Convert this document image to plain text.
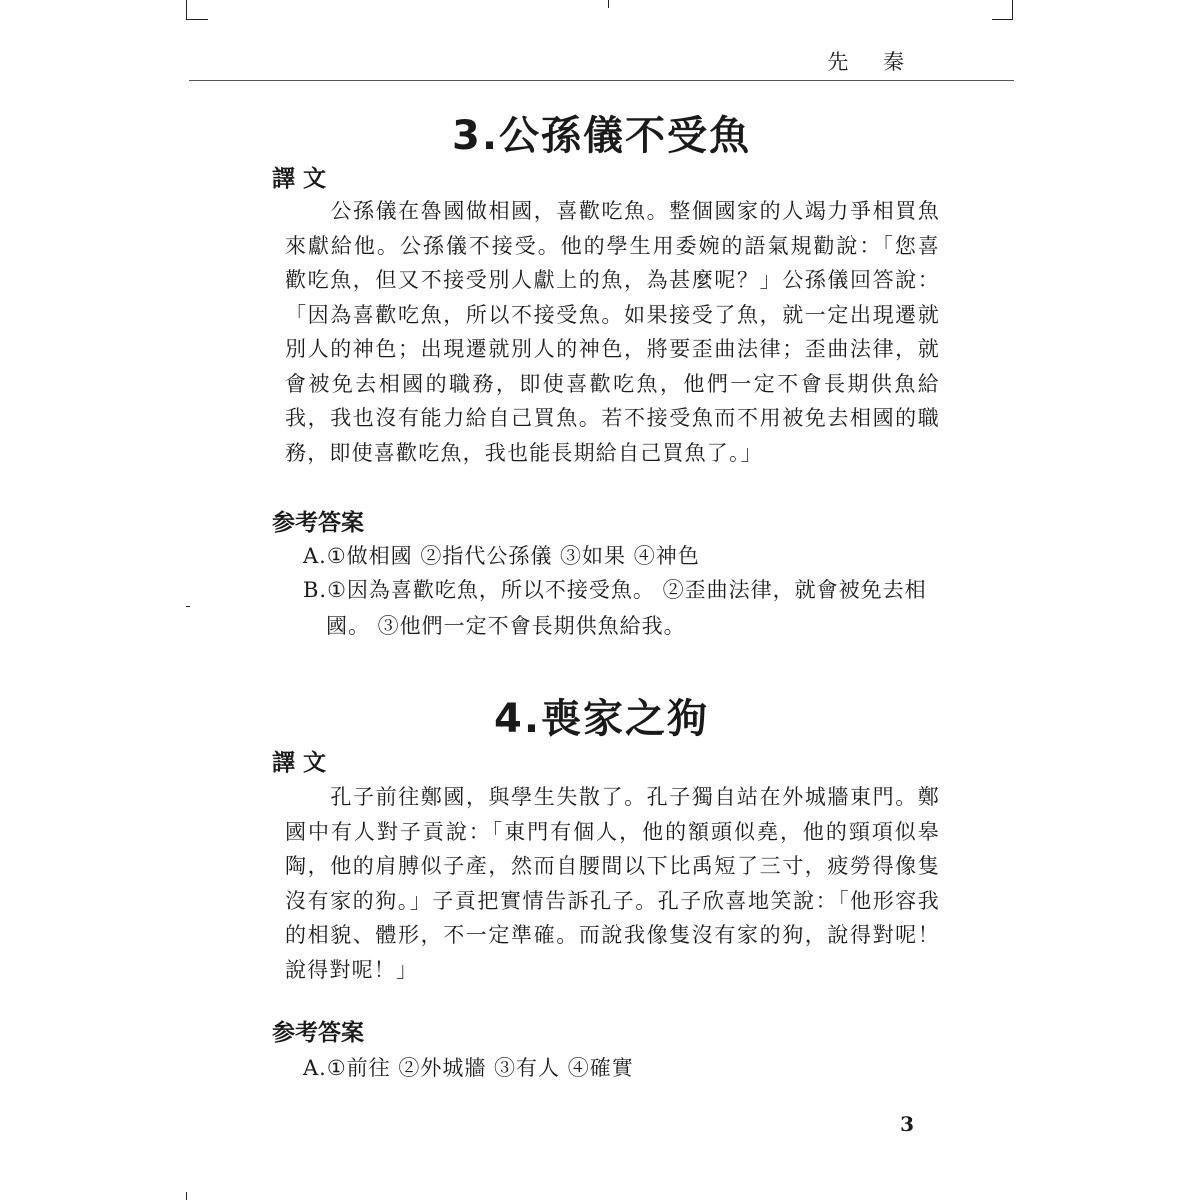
先 秦
3.公孫儀不受魚
譯 文

公孫儀在魯國做相國，喜歡吃魚。整個國家的人竭力爭相買魚來獻給他。公孫儀不接受。他的學生用委婉的語氣規勸說：「您喜歡吃魚，但又不接受別人獻上的魚，為甚麼呢？」公孫儀回答說：「因為喜歡吃魚，所以不接受魚。如果接受了魚，就一定出現遷就別人的神色；出現遷就別人的神色，將要歪曲法律；歪曲法律，就會被免去相國的職務，即使喜歡吃魚，他們一定不會長期供魚給我，我也沒有能力給自己買魚。若不接受魚而不用被免去相國的職務，即使喜歡吃魚，我也能長期給自己買魚了。」

参考答案

A.①做相國 ②指代公孫儀 ③如果 ④神色

B.①因為喜歡吃魚，所以不接受魚。 ②歪曲法律，就會被免去相

國。 ③他們一定不會長期供魚給我。

4.喪家之狗
譯 文

孔子前往鄭國，與學生失散了。孔子獨自站在外城牆東門。鄭國中有人對子貢說：「東門有個人，他的額頭似堯，他的頸項似皋陶，他的肩膊似子產，然而自腰間以下比禹短了三寸，疲勞得像隻沒有家的狗。」子貢把實情告訴孔子。孔子欣喜地笑說：「他形容我的相貌、體形，不一定準確。而說我像隻沒有家的狗，說得對呢！說得對呢！」

参考答案

A.①前往 ②外城牆 ③有人 ④確實

3
